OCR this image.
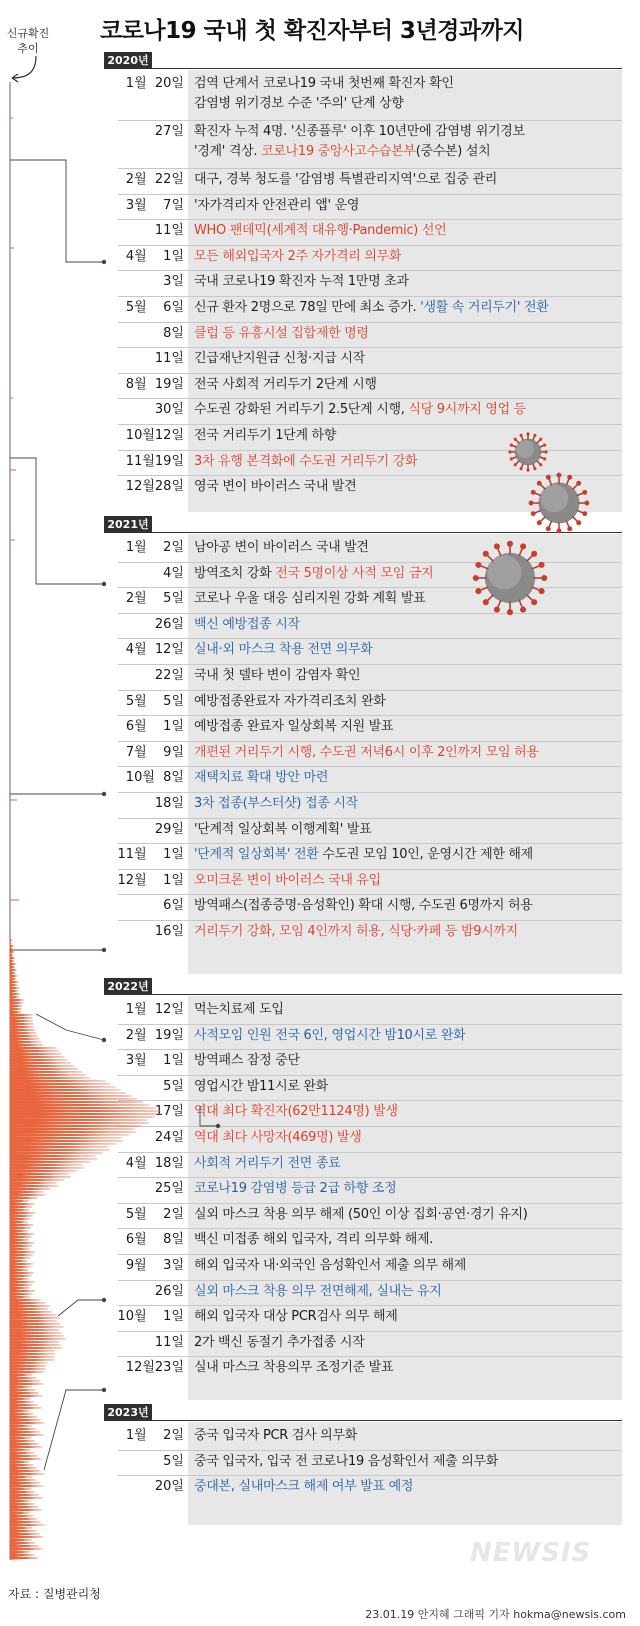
코로나19 국내 첫 확진자부터 3년경과까지
신규확진
추이
2020년
1월  20일 검역 단계서 코로나19 국내 첫번째 확진자 확인
감염병 위기경보 수준 '주의' 단계 상향
27일 확진자 누적 4명. '신종플루' 이후 10년만에 감염병 위기경보
'경계' 격상. 코로나19 중앙사고수습본부(중수본) 설치
2월  22일 대구, 경북 청도를 '감염병 특별관리지역'으로 집중 관리
3월    7일 '자가격리자 안전관리 앱' 운영
11일 WHO 팬데믹(세계적 대유행·Pandemic) 선언
4월    1일 모든 해외입국자 2주 자가격리 의무화
3일 국내 코로나19 확진자 누적 1만명 초과
5월    6일 신규 환자 2명으로 78일 만에 최소 증가. '생활 속 거리두기' 전환
8일 클럽 등 유흥시설 집합제한 명령
11일 긴급재난지원금 신청·지급 시작
8월  19일 전국 사회적 거리두기 2단계 시행
30일 수도권 강화된 거리두기 2.5단계 시행, 식당 9시까지 영업 등
10월12일 전국 거리두기 1단계 하향
11월19일 3차 유행 본격화에 수도권 거리두기 강화
12월28일 영국 변이 바이러스 국내 발견
2021년
1월    2일 남아공 변이 바이러스 국내 발견
4일 방역조치 강화 전국 5명이상 사적 모임 금지
2월    5일 코로나 우울 대응 심리지원 강화 계획 발표
26일 백신 예방접종 시작
4월  12일 실내·외 마스크 착용 전면 의무화
22일 국내 첫 델타 변이 감염자 확인
5월    5일 예방접종완료자 자가격리조치 완화
6월    1일 예방접종 완료자 일상회복 지원 발표
7월    9일 개편된 거리두기 시행, 수도권 저녁6시 이후 2인까지 모임 허용
10월  8일 재택치료 확대 방안 마련
18일 3차 접종(부스터샷) 접종 시작
29일 '단계적 일상회복 이행계획' 발표
11월    1일 '단계적 일상회복' 전환 수도권 모임 10인, 운영시간 제한 해제
12월    1일 오미크론 변이 바이러스 국내 유입
6일 방역패스(접종증명·음성확인) 확대 시행, 수도권 6명까지 허용
16일 거리두기 강화, 모임 4인까지 허용, 식당·카페 등 밤9시까지
2022년
1월  12일 먹는치료제 도입
2월  19일 사적모임 인원 전국 6인, 영업시간 밤10시로 완화
3월    1일 방역패스 잠정 중단
5일 영업시간 밤11시로 완화
17일 역대 최다 확진자(62만1124명) 발생
24일 역대 최다 사망자(469명) 발생
4월  18일 사회적 거리두기 전면 종료
25일 코로나19 감염병 등급 2급 하향 조정
5월    2일 실외 마스크 착용 의무 해제 (50인 이상 집회·공연·경기 유지)
6월    8일 백신 미접종 해외 입국자, 격리 의무화 해제.
9월    3일 해외 입국자 내·외국인 음성확인서 제출 의무 해제
26일 실외 마스크 착용 의무 전면해제, 실내는 유지
10월    1일 해외 입국자 대상 PCR검사 의무 해제
11일 2가 백신 동절기 추가접종 시작
12월23일 실내 마스크 착용의무 조정기준 발표
2023년
1월    2일 중국 입국자 PCR 검사 의무화
5일 중국 입국자, 입국 전 코로나19 음성확인서 제출 의무화
20일 중대본, 실내마스크 해제 여부 발표 예정
자료 : 질병관리청
NEWSIS
23.01.19 안지혜 그래픽 기자 hokma@newsis.com
